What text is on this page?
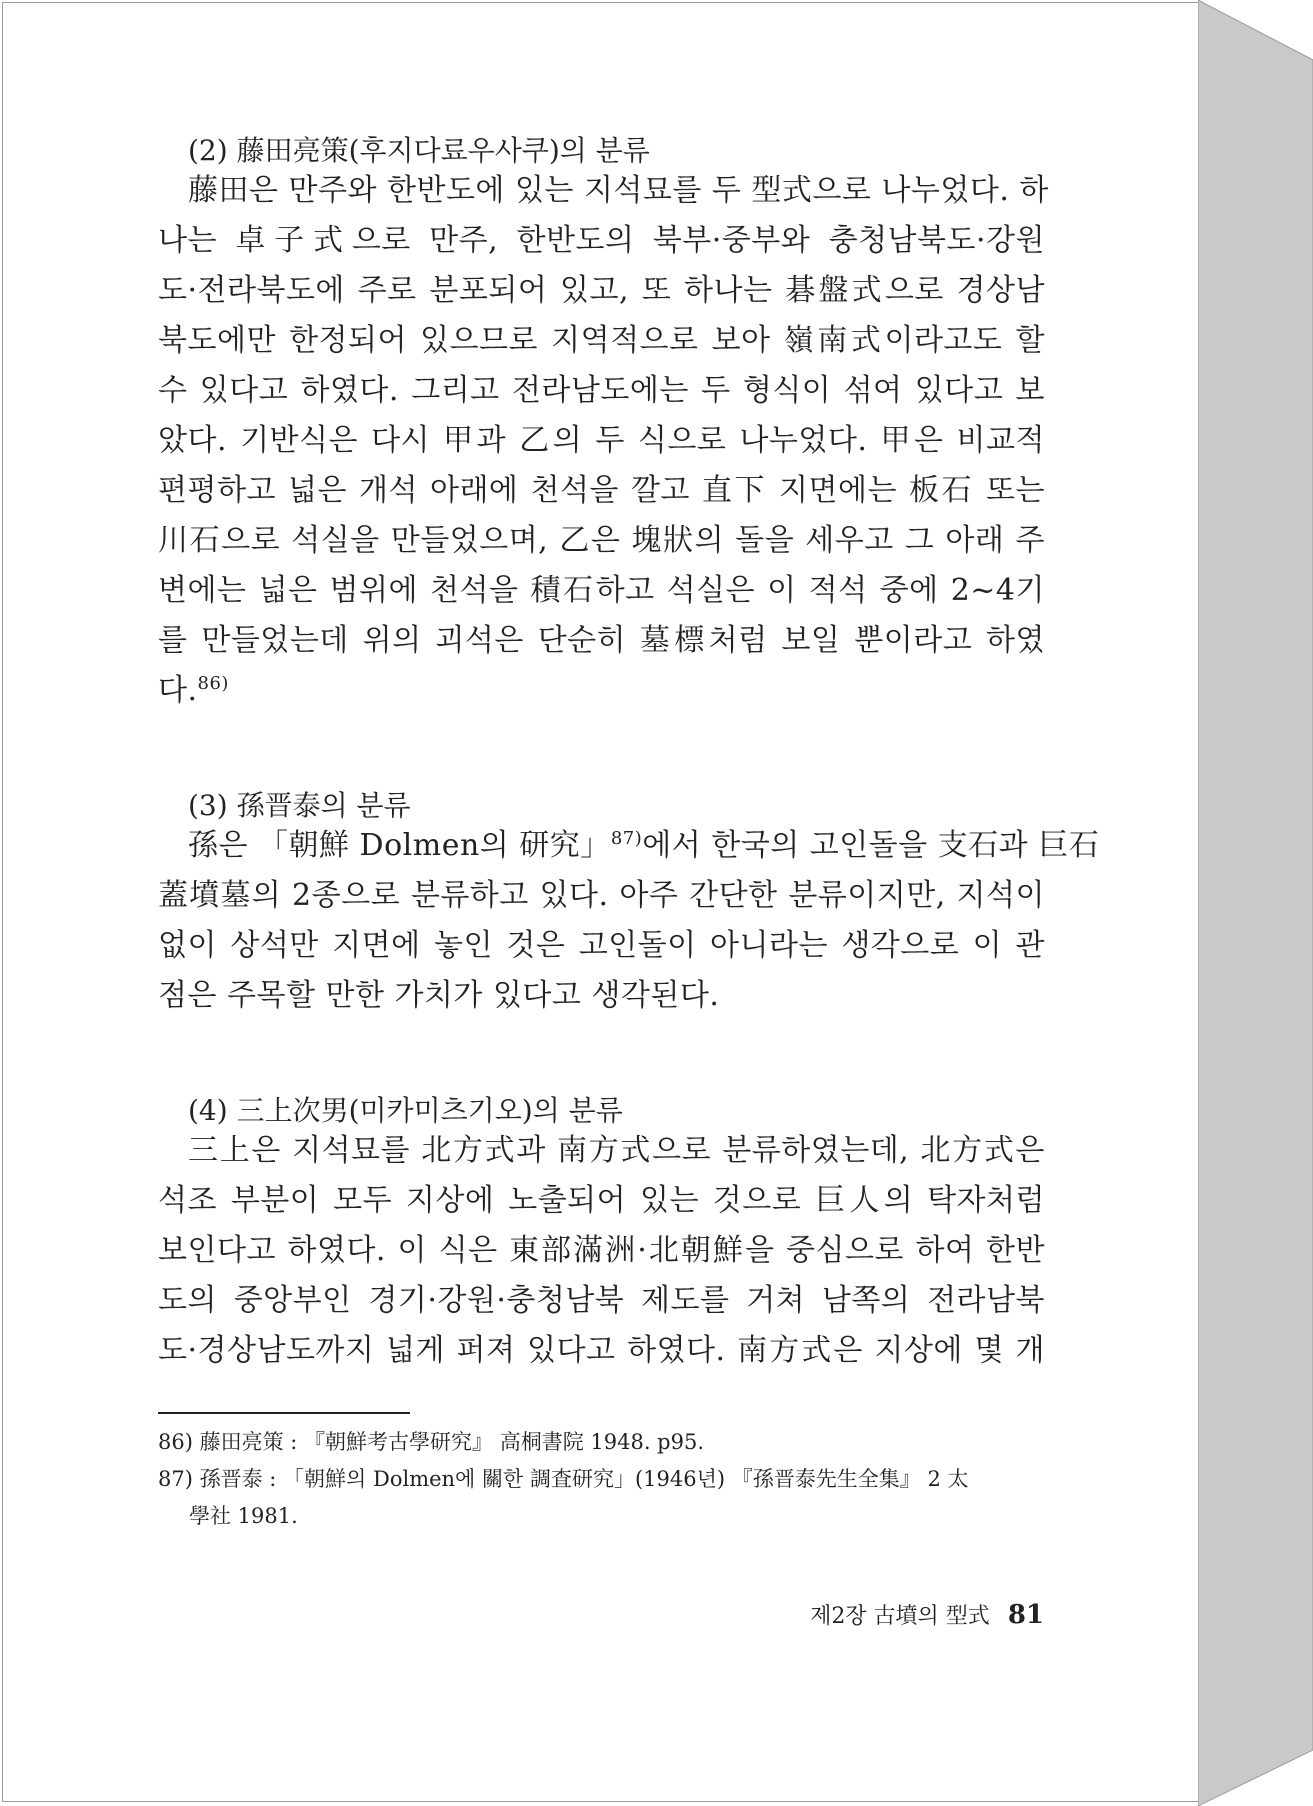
(2) 藤田亮策(후지다료우사쿠)의 분류
藤田은 만주와 한반도에 있는 지석묘를 두 型式으로 나누었다. 하
나는 卓子式으로 만주, 한반도의 북부·중부와 충청남북도·강원
도·전라북도에 주로 분포되어 있고, 또 하나는 碁盤式으로 경상남
북도에만 한정되어 있으므로 지역적으로 보아 嶺南式이라고도 할
수 있다고 하였다. 그리고 전라남도에는 두 형식이 섞여 있다고 보
았다. 기반식은 다시 甲과 乙의 두 식으로 나누었다. 甲은 비교적
편평하고 넓은 개석 아래에 천석을 깔고 直下 지면에는 板石 또는
川石으로 석실을 만들었으며, 乙은 塊狀의 돌을 세우고 그 아래 주
변에는 넓은 범위에 천석을 積石하고 석실은 이 적석 중에 2~4기
를 만들었는데 위의 괴석은 단순히 墓標처럼 보일 뿐이라고 하였
다.$^{86)}$
(3) 孫晋泰의 분류
孫은 「朝鮮 Dolmen의 研究」$^{87)}$에서 한국의 고인돌을 支石과 巨石
蓋墳墓의 2종으로 분류하고 있다. 아주 간단한 분류이지만, 지석이
없이 상석만 지면에 놓인 것은 고인돌이 아니라는 생각으로 이 관
점은 주목할 만한 가치가 있다고 생각된다.
(4) 三上次男(미카미츠기오)의 분류
三上은 지석묘를 北方式과 南方式으로 분류하였는데, 北方式은
석조 부분이 모두 지상에 노출되어 있는 것으로 巨人의 탁자처럼
보인다고 하였다. 이 식은 東部滿洲·北朝鮮을 중심으로 하여 한반
도의 중앙부인 경기·강원·충청남북 제도를 거쳐 남쪽의 전라남북
도·경상남도까지 넓게 퍼져 있다고 하였다. 南方式은 지상에 몇 개
86) 藤田亮策 : 『朝鮮考古學研究』 高桐書院 1948. p95.
87) 孫晋泰 : 「朝鮮의 Dolmen에 關한 調査研究」(1946년) 『孫晋泰先生全集』 2 太
學社 1981.
제2장 古墳의 型式 81
